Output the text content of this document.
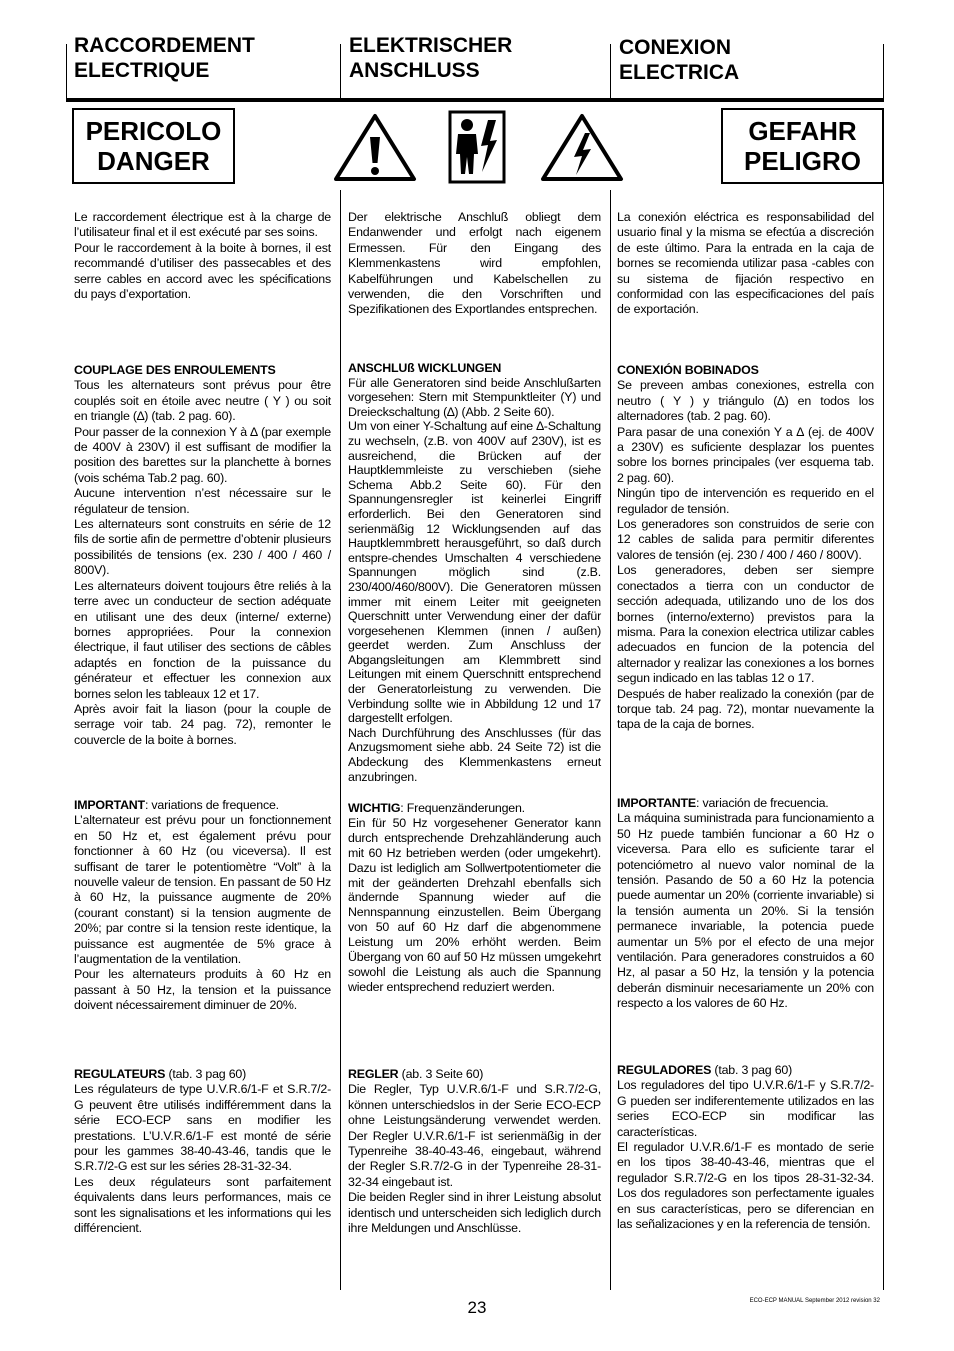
RACCORDEMENT
ELECTRIQUE
ELEKTRISCHER
ANSCHLUSS
CONEXION
ELECTRICA
PERICOLO
DANGER
GEFAHR
PELIGRO

Le raccordement électrique est à la charge de l’utilisateur final et il est exécuté par ses soins.

Pour le raccordement à la boite à bornes, il est recommandé d’utiliser des passecables et des serre cables en accord avec les spécifications du pays d’exportation.

COUPLAGE DES ENROULEMENTS

Tous les alternateurs sont prévus pour être couplés soit en étoile avec neutre ( Y ) ou soit en triangle (∆) (tab. 2 pag. 60).

Pour passer de la connexion Y à ∆ (par exemple de 400V à 230V) il est suffisant de modifier la position des barettes sur la planchette à bornes (vois schéma Tab.2 pag. 60).

Aucune intervention n’est nécessaire sur le régulateur de tension.

Les alternateurs sont construits en série de 12 fils de sortie afin de permettre d’obtenir plusieurs possibilités de tensions (ex. 230 / 400 / 460 / 800V).

Les alternateurs doivent toujours être reliés à la terre avec un conducteur de section adéquate en utilisant une des deux (interne/ externe) bornes appropriées. Pour la connexion électrique, il faut utiliser des sections de câbles adaptés en fonction de la puissance du générateur et effectuer les connexion aux bornes selon les tableaux 12 et 17.

Après avoir fait la liason (pour la couple de serrage voir tab. 24 pag. 72), remonter le couvercle de la boite à bornes.

IMPORTANT: variations de frequence.

L’alternateur est prévu pour un fonctionnement en 50 Hz et, est également prévu pour fonctionner à 60 Hz (ou viceversa). Il est suffisant de tarer le potentiomètre “Volt” à la nouvelle valeur de tension. En passant de 50 Hz à 60 Hz, la puissance augmente de 20% (courant constant) si la tension augmente de 20%; par contre si la tension reste identique, la puissance est augmentée de 5% grace à l’augmentation de la ventilation.

Pour les alternateurs produits à 60 Hz en passant à 50 Hz, la tension et la puissance doivent nécessairement diminuer de 20%.

REGULATEURS (tab. 3 pag 60)

Les régulateurs de type U.V.R.6/1-F et S.R.7/2-G peuvent être utilisés indifféremment dans la série ECO-ECP sans en modifier les prestations. L’U.V.R.6/1-F est monté de série pour les gammes 38-40-43-46, tandis que le S.R.7/2-G est sur les séries 28-31-32-34.

Les deux régulateurs sont parfaitement équivalents dans leurs performances, mais ce sont les signalisations et les informations qui les différencient.

Der elektrische Anschluß obliegt dem Endanwender und erfolgt nach eigenem Ermessen. Für den Eingang des Klemmenkastens wird empfohlen, Kabelführungen und Kabelschellen zu verwenden, die den Vorschriften und Spezifikationen des Exportlandes entsprechen.

ANSCHLUß WICKLUNGEN

Für alle Generatoren sind beide Anschlußarten vorgesehen: Stern mit Stempunktleiter (Y) und Dreieckschaltung (∆) (Abb. 2 Seite 60).

Um von einer Y-Schaltung auf eine ∆-Schaltung zu wechseln, (z.B. von 400V auf 230V), ist es ausreichend, die Brücken auf der Hauptklemmleiste zu verschieben (siehe Schema Abb.2 Seite 60). Für den Spannungensregler ist keinerlei Eingriff erforderlich. Bei den Generatoren sind serienmäßig 12 Wicklungsenden auf das Hauptklemmbrett herausgeführt, so daß durch entspre-chendes Umschalten 4 verschiedene Spannungen möglich sind (z.B. 230/400/460/800V). Die Generatoren müssen immer mit einem Leiter mit geeigneten Querschnitt unter Verwendung einer der dafür vorgesehenen Klemmen (innen / außen) geerdet werden. Zum Anschluss der Abgangsleitungen am Klemmbrett sind Leitungen mit einem Querschnitt entsprechend der Generatorleistung zu verwenden. Die Verbindung sollte wie in Abbildung 12 und 17 dargestellt erfolgen.

Nach Durchführung des Anschlusses (für das Anzugsmoment siehe abb. 24 Seite 72) ist die Abdeckung des Klemmenkastens erneut anzubringen.

WICHTIG: Frequenzänderungen.

Ein für 50 Hz vorgesehener Generator kann durch entsprechende Drehzahländerung auch mit 60 Hz betrieben werden (oder umgekehrt). Dazu ist lediglich am Sollwertpotentiometer die mit der geänderten Drehzahl ebenfalls sich ändernde Spannung wieder auf die Nennspannung einzustellen. Beim Übergang von 50 auf 60 Hz darf die abgenommene Leistung um 20% erhöht werden. Beim Übergang von 60 auf 50 Hz müssen umgekehrt sowohl die Leistung als auch die Spannung wieder entsprechend reduziert werden.

REGLER (ab. 3 Seite 60)

Die Regler, Typ U.V.R.6/1-F und S.R.7/2-G, können unterschiedslos in der Serie ECO-ECP ohne Leistungsänderung verwendet werden. Der Regler U.V.R.6/1-F ist serienmäßig in der Typenreihe 38-40-43-46, eingebaut, während der Regler S.R.7/2-G in der Typenreihe 28-31-32-34 eingebaut ist.

Die beiden Regler sind in ihrer Leistung absolut identisch und unterscheiden sich lediglich durch ihre Meldungen und Anschlüsse.

La conexión eléctrica es responsabilidad del usuario final y la misma se efectúa a discreción de este último. Para la entrada en la caja de bornes se recomienda utilizar pasa -cables con su sistema de fijación respectivo en conformidad con las especificaciones del país de exportación.

CONEXIÓN BOBINADOS

Se preveen ambas conexiones, estrella con neutro ( Y ) y triángulo (∆) en todos los alternadores (tab. 2 pag. 60).

Para pasar de una conexión Y a ∆ (ej. de 400V a 230V) es suficiente desplazar los puentes sobre los bornes principales (ver esquema tab. 2 pag. 60).

Ningún tipo de intervención es requerido en el regulador de tensión.

Los generadores son construidos de serie con 12 cables de salida para permitir diferentes valores de tensión (ej. 230 / 400 / 460 / 800V).

Los generadores, deben ser siempre conectados a tierra con un conductor de sección adequada, utilizando uno de los dos bornes (interno/externo) previstos para la misma. Para la conexion electrica utilizar cables adecuados en funcion de la potencia del alternador y realizar las conexiones a los bornes segun indicado en las tablas 12 o 17.

Después de haber realizado la conexión (par de torque tab. 24 pag. 72), montar nuevamente la tapa de la caja de bornes.

IMPORTANTE: variación de frecuencia.

La máquina suministrada para funcionamiento a 50 Hz puede también funcionar a 60 Hz o viceversa. Para ello es suficiente tarar el potenciómetro al nuevo valor nominal de la tensión. Pasando de 50 a 60 Hz la potencia puede aumentar un 20% (corriente invariable) si la tensión aumenta un 20%. Si la tensión permanece invariable, la potencia puede aumentar un 5% por el efecto de una mejor ventilación. Para generadores construidos a 60 Hz, al pasar a 50 Hz, la tensión y la potencia deberán disminuir necesariamente un 20% con respecto a los valores de 60 Hz.

REGULADORES (tab. 3 pag 60)

Los reguladores del tipo U.V.R.6/1-F y S.R.7/2-G pueden ser indiferentemente utilizados en las series ECO-ECP sin modificar las características.

El regulador U.V.R.6/1-F es montado de serie en los tipos 38-40-43-46, mientras que el regulador S.R.7/2-G en los tipos 28-31-32-34. Los dos reguladores son perfectamente iguales en sus características, pero se diferencian en las señalizaciones y en la referencia de tensión.

23	ECO-ECP MANUAL September 2012 revision 32
